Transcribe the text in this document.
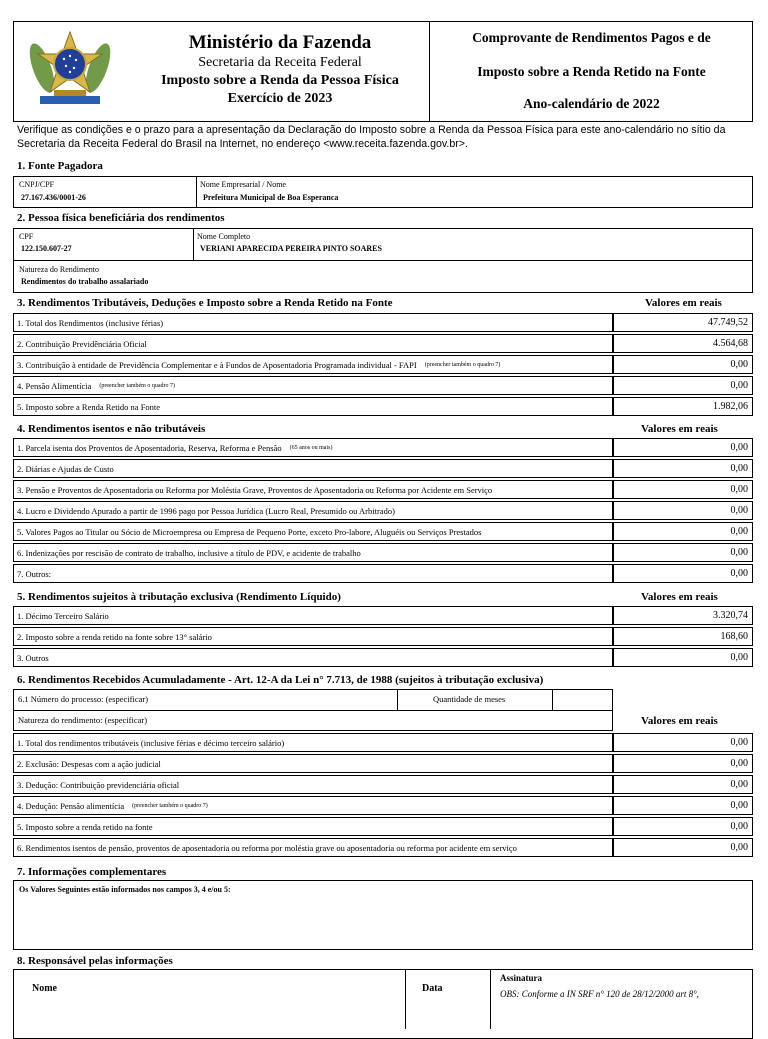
Ministério da Fazenda
Secretaria da Receita Federal
Imposto sobre a Renda da Pessoa Física
Exercício de 2023
Comprovante de Rendimentos Pagos e de
Imposto sobre a Renda Retido na Fonte
Ano-calendário de 2022
Verifique as condições e o prazo para a apresentação da Declaração do Imposto sobre a Renda da Pessoa Física para este ano-calendário no sítio da Secretaria da Receita Federal do Brasil na Internet, no endereço <www.receita.fazenda.gov.br>.
1. Fonte Pagadora
CNPJ/CPF
27.167.436/0001-26
Nome Empresarial / Nome
Prefeitura Municipal de Boa Esperanca
2. Pessoa física beneficiária dos rendimentos
CPF
122.150.607-27
Nome Completo
VERIANI APARECIDA PEREIRA PINTO SOARES
Natureza do Rendimento
Rendimentos do trabalho assalariado
3. Rendimentos Tributáveis, Deduções e Imposto sobre a Renda Retido na Fonte	Valores em reais
1. Total dos Rendimentos (inclusive férias)	47.749,52
2. Contribuição Previdênciária Oficial	4.564,68
3. Contribuição à entidade de Previdência Complementar e à Fundos de Aposentadoria Programada individual - FAPI (preencher também o quadro 7)	0,00
4. Pensão Alimentícia (preencher também o quadro 7)	0,00
5. Imposto sobre a Renda Retido na Fonte	1.982,06
4. Rendimentos isentos e não tributáveis	Valores em reais
1. Parcela isenta dos Proventos de Aposentadoria, Reserva, Reforma e Pensão (65 anos ou mais)	0,00
2. Diárias e Ajudas de Custo	0,00
3. Pensão e Proventos de Aposentadoria ou Reforma por Moléstia Grave, Proventos de Aposentadoria ou Reforma por Acidente em Serviço	0,00
4. Lucro e Dividendo Apurado a partir de 1996 pago por Pessoa Jurídica (Lucro Real, Presumido ou Arbitrado)	0,00
5. Valores Pagos ao Titular ou Sócio de Microempresa ou Empresa de Pequeno Porte, exceto Pro-labore, Aluguéis ou Serviços Prestados	0,00
6. Indenizações por rescisão de contrato de trabalho, inclusive a título de PDV, e acidente de trabalho	0,00
7. Outros:	0,00
5. Rendimentos sujeitos à tributação exclusiva (Rendimento Líquido)	Valores em reais
1. Décimo Terceiro Salário	3.320,74
2. Imposto sobre a renda retido na fonte sobre 13° salário	168,60
3. Outros	0,00
6. Rendimentos Recebidos Acumuladamente - Art. 12-A da Lei n° 7.713, de 1988 (sujeitos à tributação exclusiva)
6.1 Número do processo: (especificar)	Quantidade de meses
Natureza do rendimento: (especificar)	Valores em reais
1. Total dos rendimentos tributáveis (inclusive férias e décimo terceiro salário)	0,00
2. Exclusão: Despesas com a ação judicial	0,00
3. Dedução: Contribuição previdenciária oficial	0,00
4. Dedução: Pensão alimentícia (preencher também o quadro 7)	0,00
5. Imposto sobre a renda retido na fonte	0,00
6. Rendimentos isentos de pensão, proventos de aposentadoria ou reforma por moléstia grave ou aposentadoria ou reforma por acidente em serviço	0,00
7. Informações complementares
Os Valores Seguintes estão informados nos campos 3, 4 e/ou 5:
8. Responsável pelas informações
Nome	Data
Assinatura
OBS: Conforme a IN SRF n° 120 de 28/12/2000 art 8°,
